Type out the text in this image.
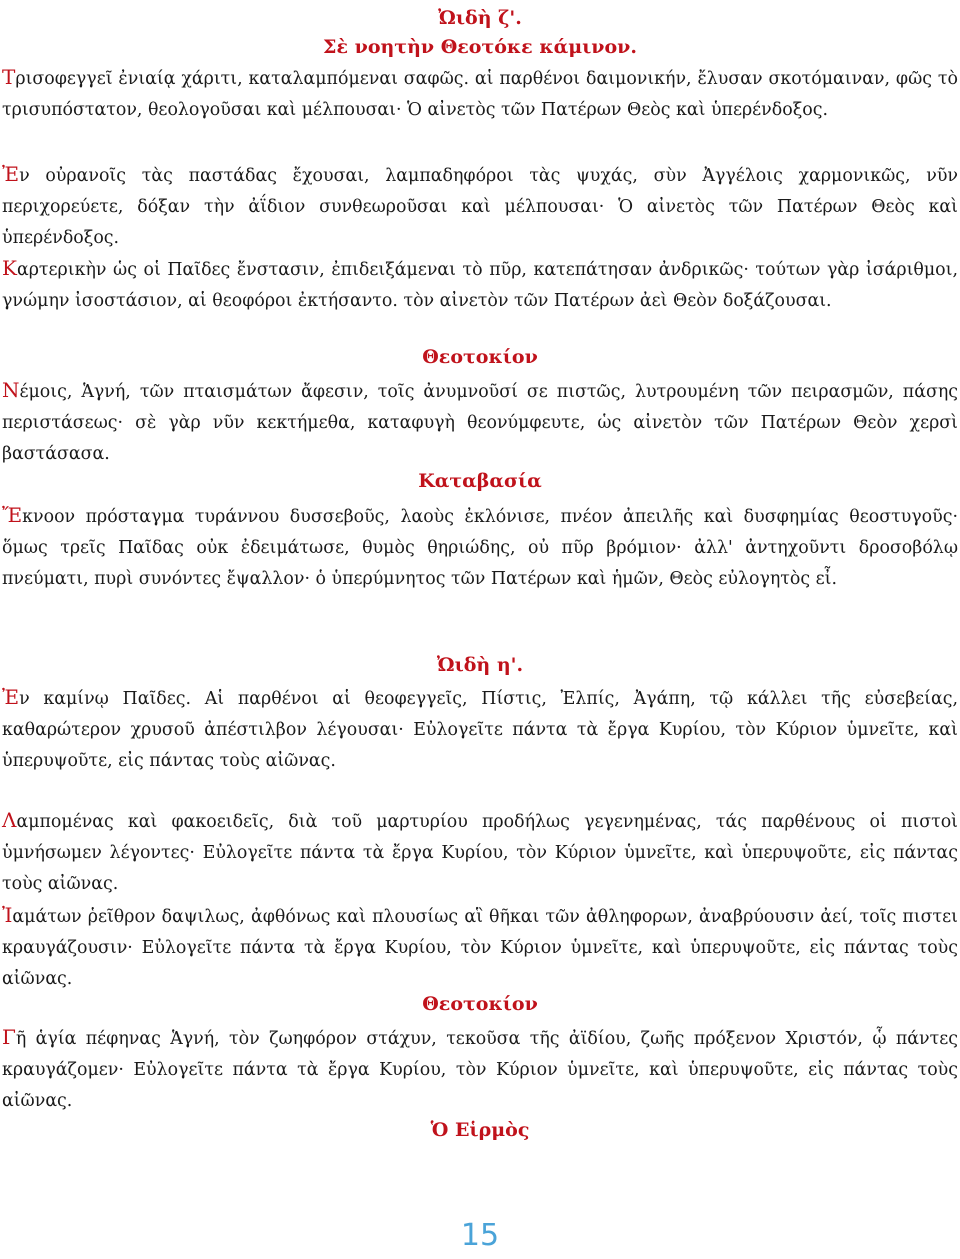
Ὠιδὴ ζ'.
Σὲ νοητὴν Θεοτόκε κάμινον.
Τρισοφεγγεῖ ἐνιαίᾳ χάριτι, καταλαμπόμεναι σαφῶς. αἱ παρθένοι δαιμονικήν, ἔλυσαν σκοτόμαιναν, φῶς τὸ τρισυπόστατον, θεολογοῦσαι καὶ μέλπουσαι· Ὁ αἰνετὸς τῶν Πατέρων Θεὸς καὶ ὑπερένδοξος.
Ἐν οὐρανοῖς τὰς παστάδας ἔχουσαι, λαμπαδηφόροι τὰς ψυχάς, σὺν Ἀγγέλοις χαρμονικῶς, νῦν περιχορεύετε, δόξαν τὴν ἀΐδιον συνθεωροῦσαι καὶ μέλπουσαι· Ὁ αἰνετὸς τῶν Πατέρων Θεὸς καὶ ὑπερένδοξος.
Καρτερικὴν ὡς οἱ Παῖδες ἔνστασιν, ἐπιδειξάμεναι τὸ πῦρ, κατεπάτησαν ἀνδρικῶς· τούτων γὰρ ἰσάριθμοι, γνώμην ἰσοστάσιον, αἱ θεοφόροι ἐκτήσαντο. τὸν αἰνετὸν τῶν Πατέρων ἀεὶ Θεὸν δοξάζουσαι.
Θεοτοκίον
Νέμοις, Ἁγνή, τῶν πταισμάτων ἄφεσιν, τοῖς ἀνυμνοῦσί σε πιστῶς, λυτρουμένη τῶν πειρασμῶν, πάσης περιστάσεως· σὲ γὰρ νῦν κεκτήμεθα, καταφυγὴ θεονύμφευτε, ὡς αἰνετὸν τῶν Πατέρων Θεὸν χερσὶ βαστάσασα.
Καταβασία
Ἔκνοον πρόσταγμα τυράννου δυσσεβοῦς, λαοὺς ἐκλόνισε, πνέον ἀπειλῆς καὶ δυσφημίας θεοστυγοῦς· ὅμως τρεῖς Παῖδας οὐκ ἐδειμάτωσε, θυμὸς θηριώδης, οὐ πῦρ βρόμιον· ἀλλ' ἀντηχοῦντι δροσοβόλῳ πνεύματι, πυρὶ συνόντες ἔψαλλον· ὁ ὑπερύμνητος τῶν Πατέρων καὶ ἡμῶν, Θεὸς εὐλογητὸς εἶ.
Ὠιδὴ η'.
Ἐν καμίνῳ Παῖδες. Αἱ παρθένοι αἱ θεοφεγγεῖς, Πίστις, Ἐλπίς, Ἀγάπη, τῷ κάλλει τῆς εὐσεβείας, καθαρώτερον χρυσοῦ ἀπέστιλβον λέγουσαι· Εὐλογεῖτε πάντα τὰ ἔργα Κυρίου, τὸν Κύριον ὑμνεῖτε, καὶ ὑπερυψοῦτε, εἰς πάντας τοὺς αἰῶνας.
Λαμπομένας καὶ φακοειδεῖς, διὰ τοῦ μαρτυρίου προδήλως γεγενημένας, τάς παρθένους οἱ πιστοὶ ὑμνήσωμεν λέγοντες· Εὐλογεῖτε πάντα τὰ ἔργα Κυρίου, τὸν Κύριον ὑμνεῖτε, καὶ ὑπερυψοῦτε, εἰς πάντας τοὺς αἰῶνας.
Ἰαμάτων ῥεῖθρον δαψιλως, ἀφθόνως καὶ πλουσίως αἳ θῆκαι τῶν ἀθληφορων, ἀναβρύουσιν ἀεί, τοῖς πιστει κραυγάζουσιν· Εὐλογεῖτε πάντα τὰ ἔργα Κυρίου, τὸν Κύριον ὑμνεῖτε, καὶ ὑπερυψοῦτε, εἰς πάντας τοὺς αἰῶνας.
Θεοτοκίον
Γῆ ἁγία πέφηνας Ἁγνή, τὸν ζωηφόρον στάχυν, τεκοῦσα τῆς ἀϊδίου, ζωῆς πρόξενον Χριστόν, ᾧ πάντες κραυγάζομεν· Εὐλογεῖτε πάντα τὰ ἔργα Κυρίου, τὸν Κύριον ὑμνεῖτε, καὶ ὑπερυψοῦτε, εἰς πάντας τοὺς αἰῶνας.
Ὁ Εἱρμὸς
15
